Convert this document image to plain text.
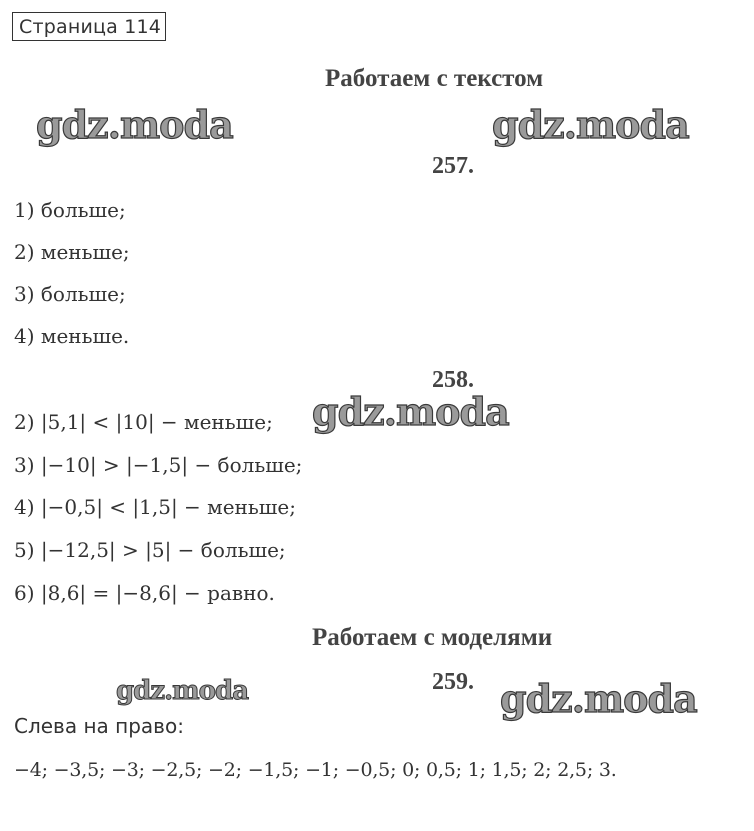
Страница 114
Работаем с текстом
gdz.moda	gdz.moda
257.
1) больше;
2) меньше;
3) больше;
4) меньше.
258.
2) |5,1| < |10| − меньше; gdz.moda
3) |−10| > |−1,5| − больше;
4) |−0,5| < |1,5| − меньше;
5) |−12,5| > |5| − больше;
6) |8,6| = |−8,6| − равно.
Работаем с моделями
gdz.moda	259. gdz.moda
Слева на право:
−4; −3,5; −3; −2,5; −2; −1,5; −1; −0,5; 0; 0,5; 1; 1,5; 2; 2,5; 3.
